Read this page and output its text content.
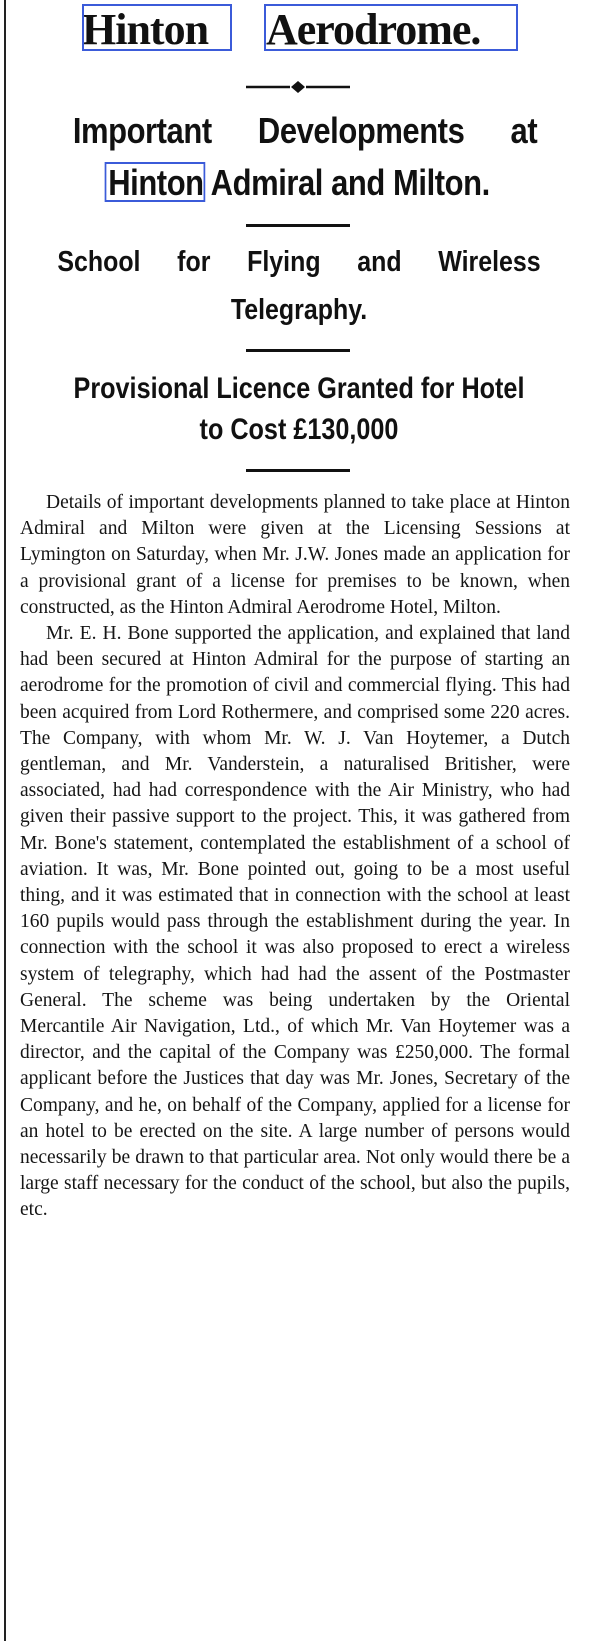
Hinton Aerodrome.
Important Developments at
Hinton
Admiral and Milton.
School for Flying and Wireless
Telegraphy.
Provisional Licence Granted for Hotel
to Cost £130,000

Details of important developments planned to take place at Hinton Admiral and Milton were given at the Licensing Sessions at Lymington on Saturday, when Mr. J.W. Jones made an application for a provisional grant of a license for premises to be known, when constructed, as the Hinton Admiral Aerodrome Hotel, Milton.

Mr. E. H. Bone supported the application, and explained that land had been secured at Hinton Admiral for the purpose of starting an aerodrome for the promotion of civil and commercial flying. This had been acquired from Lord Rothermere, and comprised some 220 acres. The Company, with whom Mr. W. J. Van Hoytemer, a Dutch gentleman, and Mr. Vanderstein, a naturalised Britisher, were associated, had had correspondence with the Air Ministry, who had given their passive support to the project. This, it was gathered from Mr. Bone's statement, contemplated the establishment of a school of aviation. It was, Mr. Bone pointed out, going to be a most useful thing, and it was estimated that in connection with the school at least 160 pupils would pass through the establishment during the year. In connection with the school it was also proposed to erect a wireless system of telegraphy, which had had the assent of the Postmaster General. The scheme was being undertaken by the Oriental Mercantile Air Navigation, Ltd., of which Mr. Van Hoytemer was a director, and the capital of the Company was £250,000. The formal applicant before the Justices that day was Mr. Jones, Secretary of the Company, and he, on behalf of the Company, applied for a license for an hotel to be erected on the site. A large number of persons would necessarily be drawn to that particular area. Not only would there be a large staff necessary for the conduct of the school, but also the pupils, etc.
